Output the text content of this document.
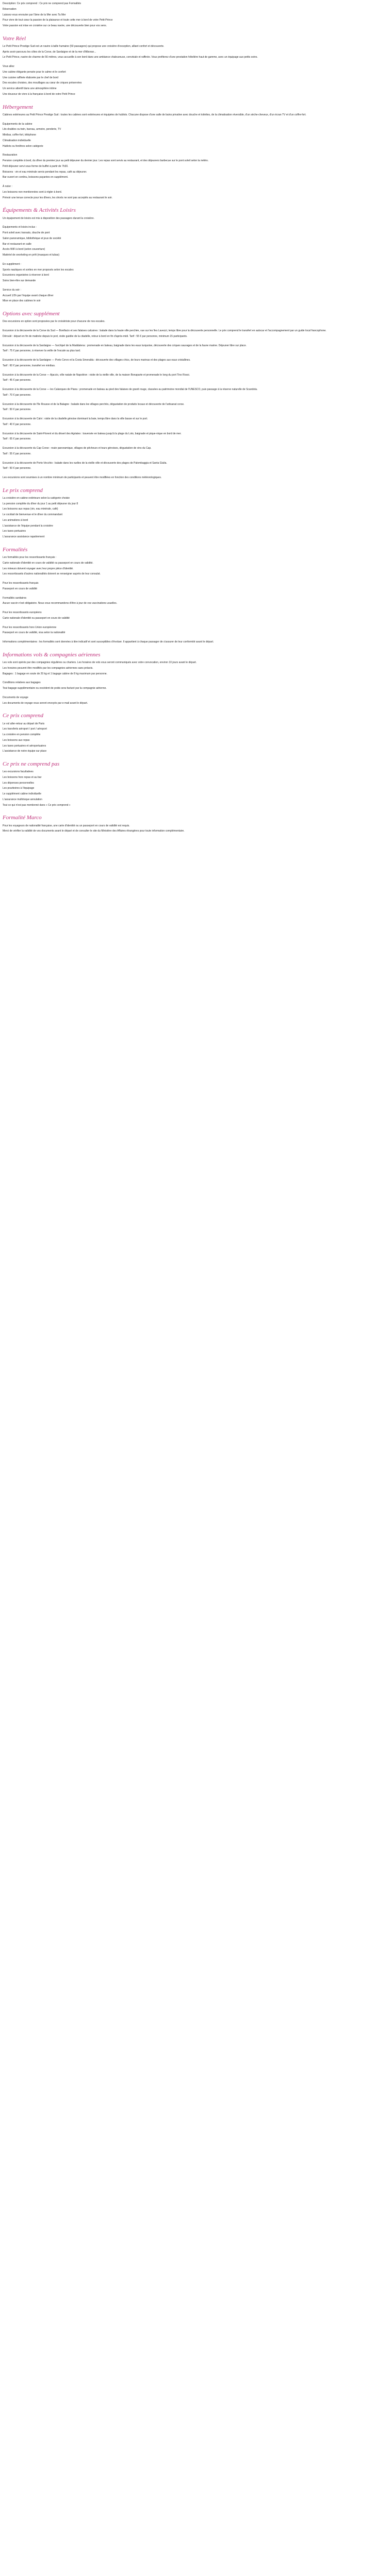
Description: Ce prix comprend : Ce prix ne comprend pas Formalités

Réservation

Laissez-vous envouter par l'âme de la Mer avec Ta Mer

Pour vivre de tout cœur la passion de la plaisance et toute cette mer à bord de votre Petit-Prince

Votre passion est mise en croisière sur ce beau navire, une découverte bien pour vos sens.

Votre Réel

Le Petit Prince Prestige Sud est un navire à taille humaine (50 passagers) qui propose une croisière d'exception, alliant confort et découverte.

Après avoir parcouru les côtes de la Corse, de Sardaigne et de la mer d'Alboran...

Le Petit Prince, navire de charme de 56 mètres, vous accueille à son bord dans une ambiance chaleureuse, conviviale et raffinée. Vous profiterez d'une prestation hôtelière haut de gamme, avec un équipage aux petits soins.

Vous allez

Une cabine élégante pensée pour le calme et le confort

Une cuisine raffinée élaborée par le chef de bord

Des escales choisies, des mouillages au cœur de criques préservées

Un service attentif dans une atmosphère intime

Une douceur de vivre à la française à bord de votre Petit Prince

Hébergement

Cabines extérieures au Petit Prince Prestige Sud : toutes les cabines sont extérieures et équipées de hublots. Chacune dispose d'une salle de bains privative avec douche et toilettes, de la climatisation réversible, d'un sèche-cheveux, d'un écran TV et d'un coffre-fort.

Équipements de la cabine

Lits doubles ou twin, bureau, armoire, penderie, TV

Minibar, coffre-fort, téléphone

Climatisation individuelle

Hublots ou fenêtres selon catégorie

Restauration

Pension complète à bord, du dîner du premier jour au petit déjeuner du dernier jour. Les repas sont servis au restaurant, et des déjeuners barbecue sur le pont soleil selon la météo.

Petit déjeuner servi sous forme de buffet à partir de 7h30.

Boissons : vin et eau minérale servis pendant les repas, café au déjeuner.

Bar ouvert en continu, boissons payantes en supplément.

À noter :

Les boissons non mentionnées sont à régler à bord.

Prévoir une tenue correcte pour les dîners, les shorts ne sont pas acceptés au restaurant le soir.

Équipements & Activités Loisirs

Un équipement de loisirs est mis à disposition des passagers durant la croisière.

Équipements et loisirs inclus :

Pont soleil avec transats, douche de pont

Salon panoramique, bibliothèque et jeux de société

Bar et restaurant en salle

Accès WiFi à bord (selon couverture)

Matériel de snorkeling en prêt (masques et tubas)

En supplément :

Sports nautiques et sorties en mer proposés selon les escales

Excursions organisées à réserver à bord

Soins bien-être sur demande

Service du soir :

Accueil 1/2h par l'équipe avant chaque dîner

Mise en place des cabines le soir

Options avec supplément

Des excursions en option sont proposées par le croisiériste pour chacune de nos escales.

Excursion à la découverte de la Corse du Sud — Bonifacio et ses falaises calcaires : balade dans la haute ville perchée, vue sur les îles Lavezzi, temps libre pour la découverte personnelle. Le prix comprend le transfert en autocar et l'accompagnement par un guide local francophone.

Déroulé : départ en fin de matinée depuis le port, visite guidée de la citadelle, retour à bord en fin d'après-midi. Tarif : 55 € par personne, minimum 15 participants.

Excursion à la découverte de la Sardaigne — l'archipel de la Maddalena : promenade en bateau, baignade dans les eaux turquoise, découverte des criques sauvages et de la faune marine. Déjeuner libre sur place.

Tarif : 75 € par personne, à réserver la veille de l'escale au plus tard.

Excursion à la découverte de la Sardaigne — Porto Cervo et la Costa Smeralda : découverte des villages chics, de leurs marinas et des plages aux eaux cristallines.

Tarif : 60 € par personne, transfert en minibus.

Excursion à la découverte de la Corse — Ajaccio, ville natale de Napoléon : visite de la vieille ville, de la maison Bonaparte et promenade le long du port Tino Rossi.

Tarif : 45 € par personne.

Excursion à la découverte de la Corse — les Calanques de Piana : promenade en bateau au pied des falaises de granit rouge, classées au patrimoine mondial de l'UNESCO, puis passage à la réserve naturelle de Scandola.

Tarif : 70 € par personne.

Excursion à la découverte de l'île Rousse et de la Balagne : balade dans les villages perchés, dégustation de produits locaux et découverte de l'artisanat corse.

Tarif : 50 € par personne.

Excursion à la découverte de Calvi : visite de la citadelle génoise dominant la baie, temps libre dans la ville basse et sur le port.

Tarif : 40 € par personne.

Excursion à la découverte de Saint-Florent et du désert des Agriates : traversée en bateau jusqu'à la plage du Loto, baignade et pique-nique en bord de mer.

Tarif : 65 € par personne.

Excursion à la découverte du Cap Corse : route panoramique, villages de pêcheurs et tours génoises, dégustation de vins du Cap.

Tarif : 55 € par personne.

Excursion à la découverte de Porto-Vecchio : balade dans les ruelles de la vieille ville et découverte des plages de Palombaggia et Santa Giulia.

Tarif : 50 € par personne.

Les excursions sont soumises à un nombre minimum de participants et peuvent être modifiées en fonction des conditions météorologiques.

Le prix comprend

La croisière en cabine extérieure selon la catégorie choisie

La pension complète du dîner du jour 1 au petit déjeuner du jour 8

Les boissons aux repas (vin, eau minérale, café)

Le cocktail de bienvenue et le dîner du commandant

Les animations à bord

L'assistance de l'équipe pendant la croisière

Les taxes portuaires

L'assurance assistance rapatriement

Formalités

Les formalités pour les ressortissants français :

Carte nationale d'identité en cours de validité ou passeport en cours de validité.

Les mineurs doivent voyager avec leur propre pièce d'identité.

Les ressortissants d'autres nationalités doivent se renseigner auprès de leur consulat.

Pour les ressortissants français

Passeport en cours de validité

Formalités sanitaires

Aucun vaccin n'est obligatoire. Nous vous recommandons d'être à jour de vos vaccinations usuelles.

Pour les ressortissants européens

Carte nationale d'identité ou passeport en cours de validité

Pour les ressortissants hors Union européenne

Passeport en cours de validité, visa selon la nationalité

Informations complémentaires : les formalités sont données à titre indicatif et sont susceptibles d'évoluer. Il appartient à chaque passager de s'assurer de leur conformité avant le départ.

Informations vols & compagnies aériennes

Les vols sont opérés par des compagnies régulières ou charters. Les horaires de vols vous seront communiqués avec votre convocation, environ 10 jours avant le départ.

Les horaires peuvent être modifiés par les compagnies aériennes sans préavis.

Bagages : 1 bagage en soute de 20 kg et 1 bagage cabine de 8 kg maximum par personne.

Conditions relatives aux bagages

Tout bagage supplémentaire ou excédent de poids sera facturé par la compagnie aérienne.

Documents de voyage

Les documents de voyage vous seront envoyés par e-mail avant le départ.

Ce prix comprend

Le vol aller-retour au départ de Paris

Les transferts aéroport / port / aéroport

La croisière en pension complète

Les boissons aux repas

Les taxes portuaires et aéroportuaires

L'assistance de notre équipe sur place

Ce prix ne comprend pas

Les excursions facultatives

Les boissons hors repas et au bar

Les dépenses personnelles

Les pourboires à l'équipage

Le supplément cabine individuelle

L'assurance multirisque annulation

Tout ce qui n'est pas mentionné dans « Ce prix comprend »

Formalité Marco

Pour les voyageurs de nationalité française, une carte d'identité ou un passeport en cours de validité est requis.

Merci de vérifier la validité de vos documents avant le départ et de consulter le site du Ministère des Affaires étrangères pour toute information complémentaire.
